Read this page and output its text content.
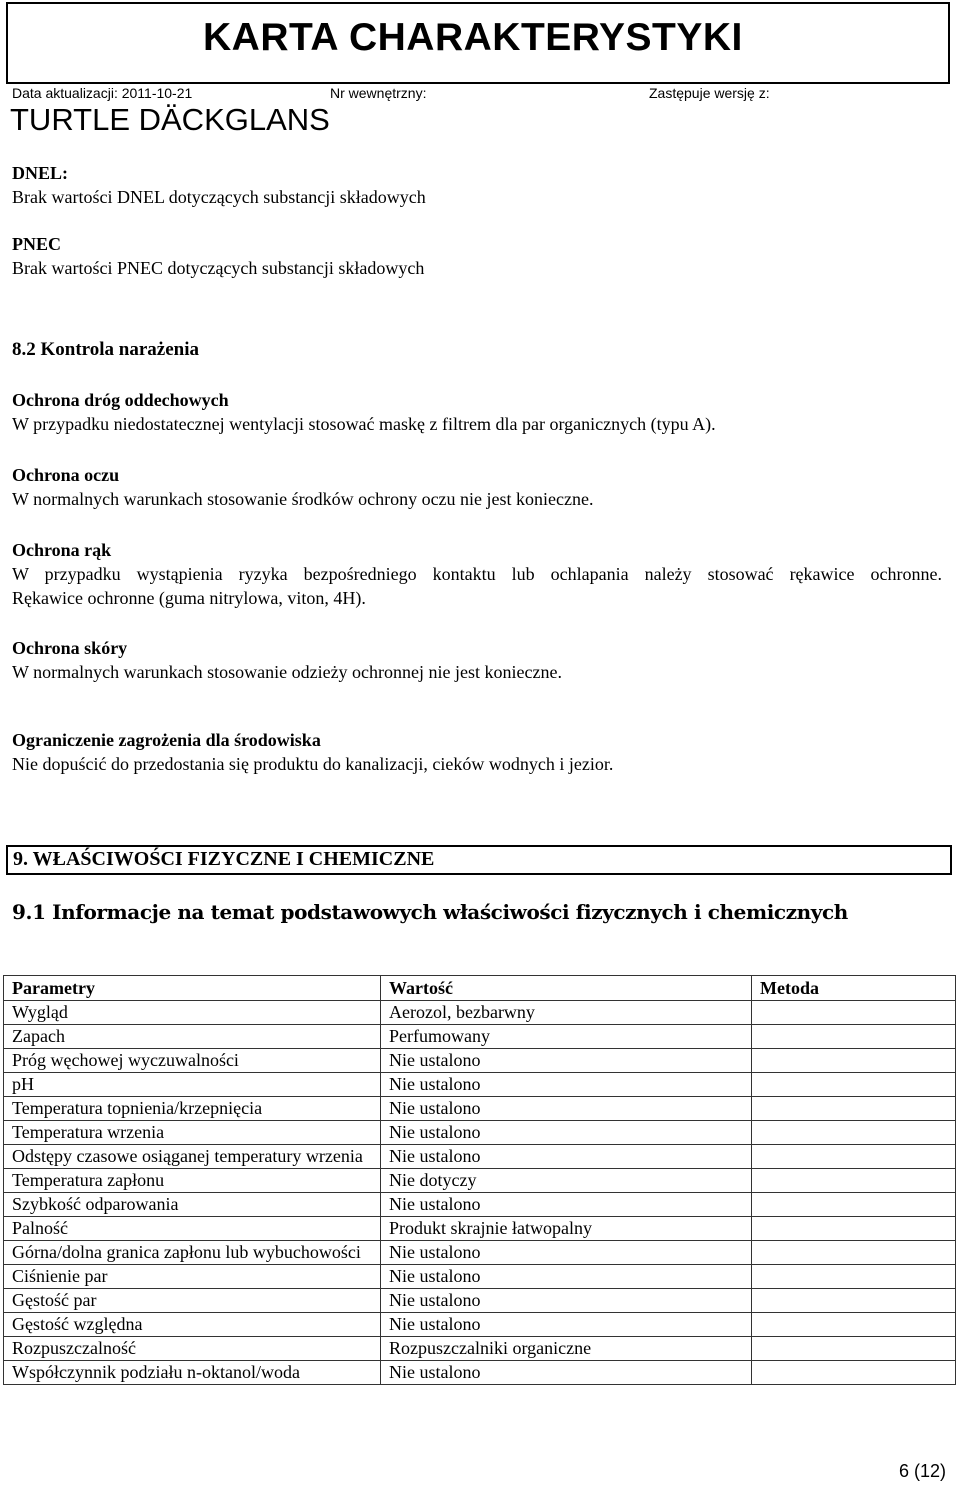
KARTA CHARAKTERYSTYKI
Data aktualizacji: 2011-10-21	Nr wewnętrzny:	Zastępuje wersję z:
TURTLE DÄCKGLANS
DNEL:
Brak wartości DNEL dotyczących substancji składowych
PNEC
Brak wartości PNEC dotyczących substancji składowych
8.2 Kontrola narażenia
Ochrona dróg oddechowych
W przypadku niedostatecznej wentylacji stosować maskę z filtrem dla par organicznych (typu A).
Ochrona oczu
W normalnych warunkach stosowanie środków ochrony oczu nie jest konieczne.
Ochrona rąk
W przypadku wystąpienia ryzyka bezpośredniego kontaktu lub ochlapania należy stosować rękawice ochronne.
Rękawice ochronne (guma nitrylowa, viton, 4H).
Ochrona skóry
W normalnych warunkach stosowanie odzieży ochronnej nie jest konieczne.
Ograniczenie zagrożenia dla środowiska
Nie dopuścić do przedostania się produktu do kanalizacji, cieków wodnych i jezior.
9. WŁAŚCIWOŚCI FIZYCZNE I CHEMICZNE
9.1 Informacje na temat podstawowych właściwości fizycznych i chemicznych
Parametry	Wartość	Metoda
Wygląd	Aerozol, bezbarwny	
Zapach	Perfumowany	
Próg węchowej wyczuwalności	Nie ustalono	
pH	Nie ustalono	
Temperatura topnienia/krzepnięcia	Nie ustalono	
Temperatura wrzenia	Nie ustalono	
Odstępy czasowe osiąganej temperatury wrzenia	Nie ustalono	
Temperatura zapłonu	Nie dotyczy	
Szybkość odparowania	Nie ustalono	
Palność	Produkt skrajnie łatwopalny	
Górna/dolna granica zapłonu lub wybuchowości	Nie ustalono	
Ciśnienie par	Nie ustalono	
Gęstość par	Nie ustalono	
Gęstość względna	Nie ustalono	
Rozpuszczalność	Rozpuszczalniki organiczne	
Współczynnik podziału n-oktanol/woda	Nie ustalono	
6 (12)
